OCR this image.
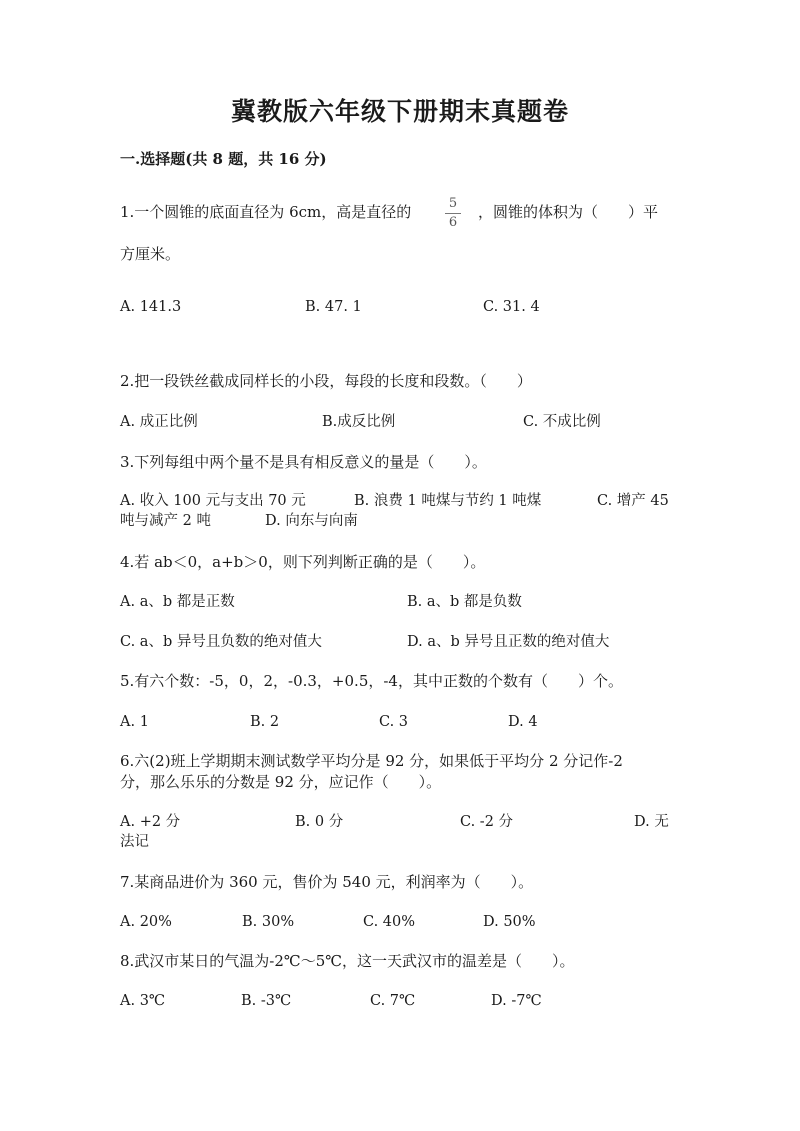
冀教版六年级下册期末真题卷
一.选择题(共 8 题，共 16 分)
1.一个圆锥的底面直径为 6cm，高是直径的	5
6
，圆锥的体积为（　　）平
方厘米。
A. 141.3	B. 47. 1	C. 31. 4
2.把一段铁丝截成同样长的小段，每段的长度和段数。（　　）
A. 成正比例	B.成反比例	C. 不成比例
3.下列每组中两个量不是具有相反意义的量是（　　）。
A. 收入 100 元与支出 70 元	B. 浪费 1 吨煤与节约 1 吨煤	C. 增产 45
吨与减产 2 吨	D. 向东与向南
4.若 ab＜0，a+b＞0，则下列判断正确的是（　　）。
A. a、b 都是正数	B. a、b 都是负数
C. a、b 异号且负数的绝对值大	D. a、b 异号且正数的绝对值大
5.有六个数：-5，0，2，-0.3，+0.5，-4，其中正数的个数有（　　）个。
A. 1	B. 2	C. 3	D. 4
6.六(2)班上学期期末测试数学平均分是 92 分，如果低于平均分 2 分记作-2
分，那么乐乐的分数是 92 分，应记作（　　）。
A. +2 分	B. 0 分	C. -2 分	D. 无
法记
7.某商品进价为 360 元，售价为 540 元，利润率为（　　）。
A. 20%	B. 30%	C. 40%	D. 50%
8.武汉市某日的气温为-2℃～5℃，这一天武汉市的温差是（　　）。
A. 3℃	B. -3℃	C. 7℃	D. -7℃
